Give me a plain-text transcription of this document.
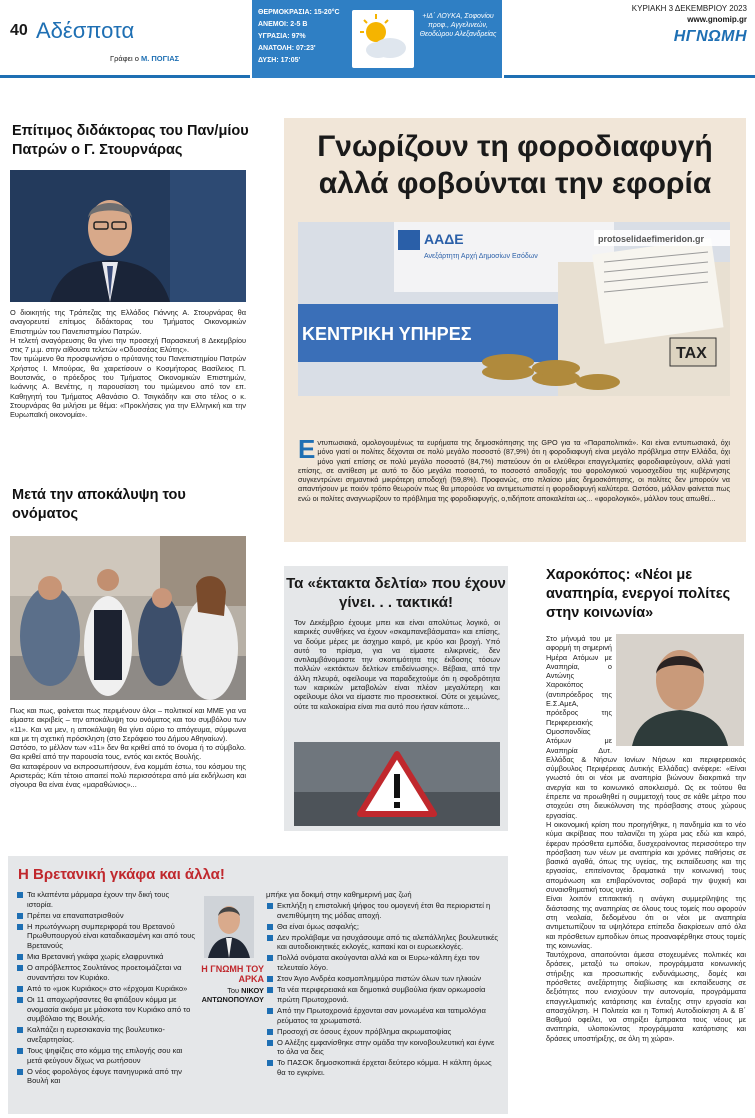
40 Αδέσποτα
Γράφει ο Μ. ΠΟΓΙΑΣ
ΘΕΡΜΟΚΡΑΣΙΑ: 15-20°C
ΑΝΕΜΟΙ: 2-5 Β
ΥΓΡΑΣΙΑ: 97%
ΑΝΑΤΟΛΗ: 07:23'
ΔΥΣΗ: 17:05'
+ΙΔ΄ ΛΟΥΚΑ, Σοφονίου προφ., Αγγελινεών, Θεοδώρου Αλεξανδρείας
ΚΥΡΙΑΚΗ 3 ΔΕΚΕΜΒΡΙΟΥ 2023
www.gnomip.gr
ΗΓΝΩΜΗ
Επίτιμος διδάκτορας του Παν/μίου Πατρών ο Γ. Στουρνάρας

Ο διοικητής της Τράπεζας της Ελλάδος Γιάννης Α. Στουρνάρας θα αναγορευτεί επίτιμος διδάκτορας του Τμήματος Οικονομικών Επιστημών του Πανεπιστημίου Πατρών.

Η τελετή αναγόρευσης θα γίνει την προσεχή Παρασκευή 8 Δεκεμβρίου στις 7 μ.μ. στην αίθουσα τελετών «Οδυσσέας Ελύτης».

Τον τιμώμενο θα προσφωνήσει ο πρύτανης του Πανεπιστημίου Πατρών Χρήστος Ι. Μπούρας, θα χαιρετίσουν ο Κοσμήτορας Βασίλειος Π. Βουτσινάς, ο πρόεδρος του Τμήματος Οικονομικών Επιστημών, Ιωάννης Α. Βενέτης, η παρουσίαση του τιμώμενου από τον επ. Καθηγητή του Τμήματος Αθανάσιο Ο. Τσιγκάδην και στο τέλος ο κ. Στουρνάρας θα μιλήσει με θέμα: «Προκλήσεις για την Ελληνική και την Ευρωπαϊκή οικονομία».

Μετά την αποκάλυψη του ονόματος

Πως και πως, φαίνεται πως περιμένουν όλοι – πολιτικοί και ΜΜΕ για να είμαστε ακριβείς – την αποκάλυψη του ονόματος και του συμβόλου των «11». Και να μεν, η αποκάλυψη θα γίνει αύριο το απόγευμα, σύμφωνα και με τη σχετική πρόσκληση (στο Σεράφειο του Δήμου Αθηναίων).

Ωστόσο, το μέλλον των «11» δεν θα κριθεί από το όνομα ή το σύμβολο. Θα κριθεί από την παρουσία τους, εντός και εκτός Βουλής.

Θα καταφέρουν να εκπροσωπήσουν, ένα κομμάτι έστω, του κόσμου της Αριστεράς; Κάτι τέτοιο απαιτεί πολύ περισσότερα από μία εκδήλωση και σίγουρα θα είναι ένας «μαραθώνιος»...

Γνωρίζουν τη φοροδιαφυγή αλλά φοβούνται την εφορία
ΑΑΔΕ
Ανεξάρτητη Αρχή Δημοσίων Εσόδων
ΚΕΝΤΡΙΚΗ ΥΠΗΡΕΣ
TAX
protoselidaefimeridon.gr
Εντυπωσιακά, ομολογουμένως τα ευρήματα της δημοσκόπησης της GPO για τα «Παραπολιτικά». Και είναι εντυπωσιακά, όχι μόνο γιατί οι πολίτες δέχονται σε πολύ μεγάλο ποσοστό (87,9%) ότι η φοροδιαφυγή είναι μεγάλο πρόβλημα στην Ελλάδα, όχι μόνο γιατί επίσης σε πολύ μεγάλο ποσοστό (84,7%) πιστεύουν ότι οι ελεύθεροι επαγγελματίες φοροδιαφεύγουν, αλλά γιατί επίσης, σε αντίθεση με αυτό το δύο μεγάλα ποσοστά, το ποσοστό αποδοχής του φορολογικού νομοσχεδίου της κυβέρνησης συγκεντρώνει σημαντικά μικρότερη αποδοχή (59,8%). Προφανώς, στο πλαίσιο μίας δημοσκόπησης, οι πολίτες δεν μπορούν να απαντήσουν με ποιόν τρόπο θεωρούν πως θα μπορούσε να αντιμετωπιστεί η φοροδιαφυγή καλύτερα. Ωστόσο, μάλλον φαίνεται πως ενώ οι πολίτες αναγνωρίζουν το πρόβλημα της φοροδιαφυγής, ο,τιδήποτε αποκαλείται ως... «φορολογικό», μάλλον τους απωθεί...
Τα «έκτακτα δελτία» που έχουν γίνει. . . τακτικά!
Τον Δεκέμβριο έχουμε μπει και είναι απολύτως λογικό, οι καιρικές συνθήκες να έχουν «σκαμπανεβάσματα» και επίσης, να δούμε μέρες με άσχημο καιρό, με κρύο και βροχή. Υπό αυτό το πρίσμα, για να είμαστε ειλικρινείς, δεν αντιλαμβάνομαστε την σκοπιμότητα της έκδοσης τόσων πολλών «εκτάκτων δελτίων επιδείνωσης». Βέβαια, από την άλλη πλευρά, οφείλουμε να παραδεχτούμε ότι η σφοδρότητα των καιρικών μεταβολών είναι πλέον μεγαλύτερη και οφείλουμε όλοι να είμαστε πιο προσεκτικοί. Ούτε οι χειμώνες, ούτε τα καλοκαίρια είναι πια αυτό που ήσαν κάποτε...
Χαροκόπος: «Νέοι με αναπηρία, ενεργοί πολίτες στην κοινωνία»

Στο μήνυμά του με αφορμή τη σημερινή Ημέρα Ατόμων με Αναπηρία, ο Αντώνης Χαροκόπος (αντιπρόεδρος της Ε.Σ.ΑμεΑ, πρόεδρος της Περιφερειακής Ομοσπονδίας Ατόμων με Αναπηρία Δυτ. Ελλάδας & Νήσων Ιονίων Νήσων και περιφερειακός σύμβουλος Περιφέρειας Δυτικής Ελλάδας) ανέφερε: «Είναι γνωστό ότι οι νέοι με αναπηρία βιώνουν διακριτικά την ανεργία και το κοινωνικό αποκλεισμό. Ως εκ τούτου θα έπρεπε να προωθηθεί η συμμετοχή τους σε κάθε μέτρο που στοχεύει στη διευκόλυνση της πρόσβασης στους χώρους εργασίας.

Η οικονομική κρίση που προηγήθηκε, η πανδημία και το νέο κύμα ακρίβειας που ταλανίζει τη χώρα μας εδώ και καιρό, έφεραν πρόσθετα εμπόδια, δυσχεραίνοντας περισσότερο την πρόσβαση των νέων με αναπηρία και χρόνιες παθήσεις σε βασικά αγαθά, όπως της υγείας, της εκπαίδευσης και της εργασίας, επιτείνοντας δραματικά την κοινωνική τους απομόνωση και επιβαρύνοντας σοβαρά την ψυχική και συναισθηματική τους υγεία.

Είναι λοιπόν επιτακτική η ανάγκη συμμερίληψης της διάστασης της αναπηρίας σε όλους τους τομείς που αφορούν στη νεολαία, δεδομένου ότι οι νέοι με αναπηρία αντιμετωπίζουν τα υψηλότερα επίπεδα διακρίσεων από όλα και πρόσθετων εμποδίων όπως προαναφέρθηκε στους τομείς της κοινωνίας.

Ταυτόχρονα, απαιτούνται άμεσα στοχευμένες πολιτικές και δράσεις, μεταξύ τω οποίων, προγράμματα κοινωνικής στήριξης και προσωπικής ενδυνάμωσης, δομές και πρόσθετες ανεξάρτητης διαβίωσης και εκπαίδευσης σε δεξιότητες που ενισχύουν την αυτονομία, προγράμματα επαγγελματικής κατάρτισης και ένταξης στην εργασία και απασχόληση. Η Πολιτεία και η Τοπική Αυτοδιοίκηση Α & Β΄ Βαθμού οφείλει, να στηρίξει έμπρακτα τους νέους με αναπηρία, υλοποιώντας προγράμματα κατάρτισης και δράσεις υποστήριξης, σε όλη τη χώρα».

Η Βρετανική γκάφα και άλλα!
Τα κλαπέντα μάρμαρα έχουν την δική τους ιστορία.
Πρέπει να επαναπατρισθούν
Η πρωτόγνωρη συμπεριφορά του Βρετανού Πρωθυπουργού είναι καταδικασμένη και από τους Βρετανούς
Μια Βρετανική γκάφα χωρίς ελαφρυντικά
Ο απρόβλεπτος Σουλτάνος προετοιμάζεται να συναντήσει τον Κυριάκο.
Από το «μοκ Κυριάκος» στο «έρχομαι Κυριάκο»
Οι 11 αποχωρήσαντες θα φτιάξουν κόμμα με ονομασία ακόμα με μάσκοτα τον Κυριάκο από το συμβόλαιο της Βουλής.
Καλπάζει η ευρεσιακανία της βουλευτικο-ανεξαρτησίας.
Τους ψηφίζεις στο κόμμα της επιλογής σου και μετά φεύγουν δίχως να ρωτήσουν
Ο νέος φορολόγος έφυγε πανηγυρικά από την Βουλή και
Η ΓΝΩΜΗ ΤΟΥ ΑΡΚΑ
Του ΝΙΚΟΥ ΑΝΤΩΝΟΠΟΥΛΟΥ
μπήκε για δοκιμή στην καθημερινή μας ζωή
Εκπλήξη η επιστολική ψήφος του ομογενή έτσι θα περιοριστεί η ανεπιθύμητη της μόδας αποχή.
Θα είναι όμως ασφαλής;
Δεν προλάβαμε να ησυχάσουμε από τις αλεπάλληλες βουλευτικές και αυτοδιοικητικές εκλογές, καπακί και οι ευρωεκλογές.
Πολλά ονόματα ακούγονται αλλά και οι Ευρω-κάλπη έχει τον τελευταίο λόγο.
Στον Άγιο Ανδρέα κοσμοπλημμύρα πιστών όλων των ηλικιών
Τα νέα περιφερειακά και δημοτικά συμβούλια ήκαν ορκωμοσία πρώτη Πρωτοχρονιά.
Από την Πρωτοχρονιά έρχονται σαν μονωμένα και τατιμολόγια ρεύματος τα χρωματιστά.
Προσοχή σε όσους έχουν πρόβλημα ακρωματοψίας
Ο Αλέξης εμφανίσθηκε στην ομάδα την κοινοβουλευτική και έγινε το όλα να δεις
Το ΠΑΣΟΚ δημοσκοπικά έρχεται δεύτερο κόμμα. Η κάλπη όμως θα το εγκρίνει.
